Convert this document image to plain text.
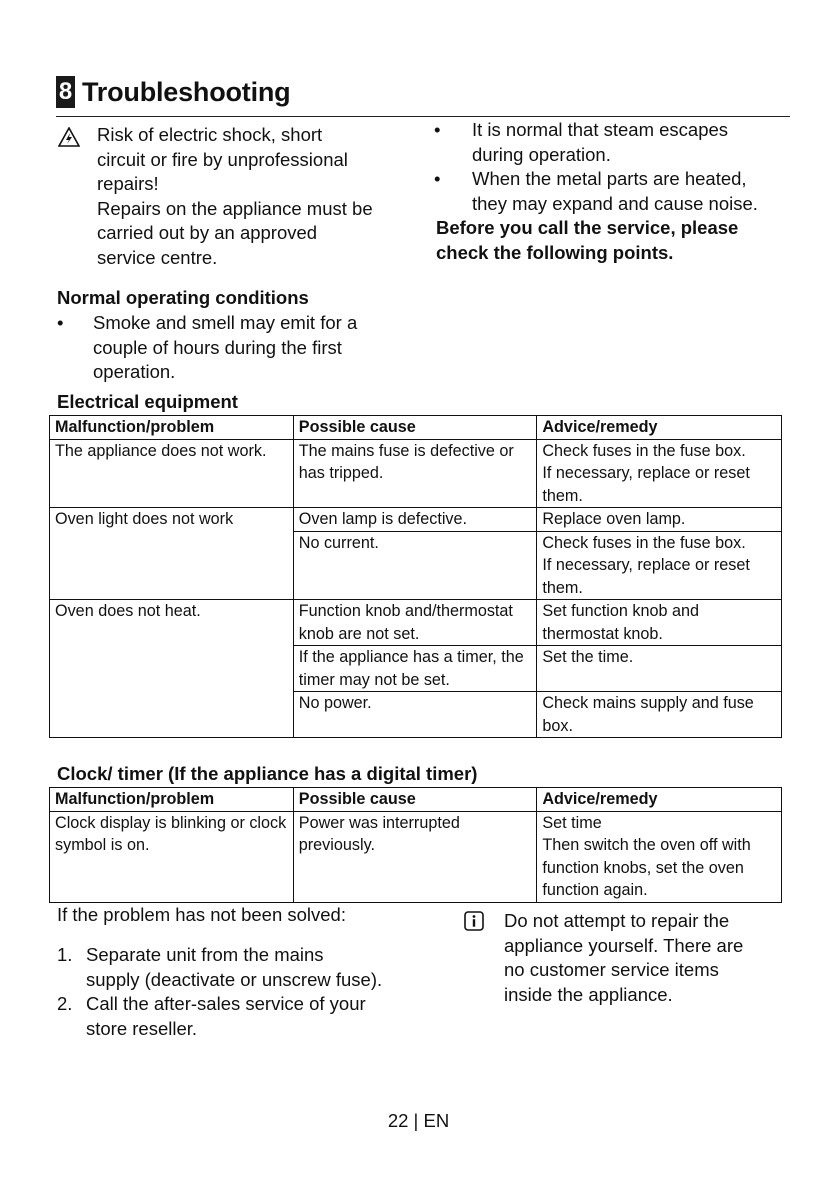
8 Troubleshooting
Risk of electric shock, short
circuit or fire by unprofessional
repairs!
Repairs on the appliance must be
carried out by an approved
service centre.
•	It is normal that steam escapes
during operation.
•	When the metal parts are heated,
they may expand and cause noise.
Before you call the service, please
check the following points.
Normal operating conditions
•	Smoke and smell may emit for a
couple of hours during the first
operation.
Electrical equipment
Malfunction/problem	Possible cause	Advice/remedy
The appliance does not work.	The mains fuse is defective or has tripped.	Check fuses in the fuse box.
If necessary, replace or reset them.

Oven light does not work	Oven lamp is defective.	Replace oven lamp.
	No current.	Check fuses in the fuse box.
If necessary, replace or reset them.

Oven does not heat.	Function knob and/thermostat knob are not set.	Set function knob and thermostat knob.
	If the appliance has a timer, the timer may not be set.	Set the time.
	No power.	Check mains supply and fuse box.
Clock/ timer (If the appliance has a digital timer)
Malfunction/problem	Possible cause	Advice/remedy
Clock display is blinking or clock symbol is on.	Power was interrupted previously.	Set time
Then switch the oven off with function knobs, set the oven function again.
If the problem has not been solved:
1. Separate unit from the mains
supply (deactivate or unscrew fuse).
2. Call the after-sales service of your
store reseller.
Do not attempt to repair the
appliance yourself. There are
no customer service items
inside the appliance.
22 | EN
